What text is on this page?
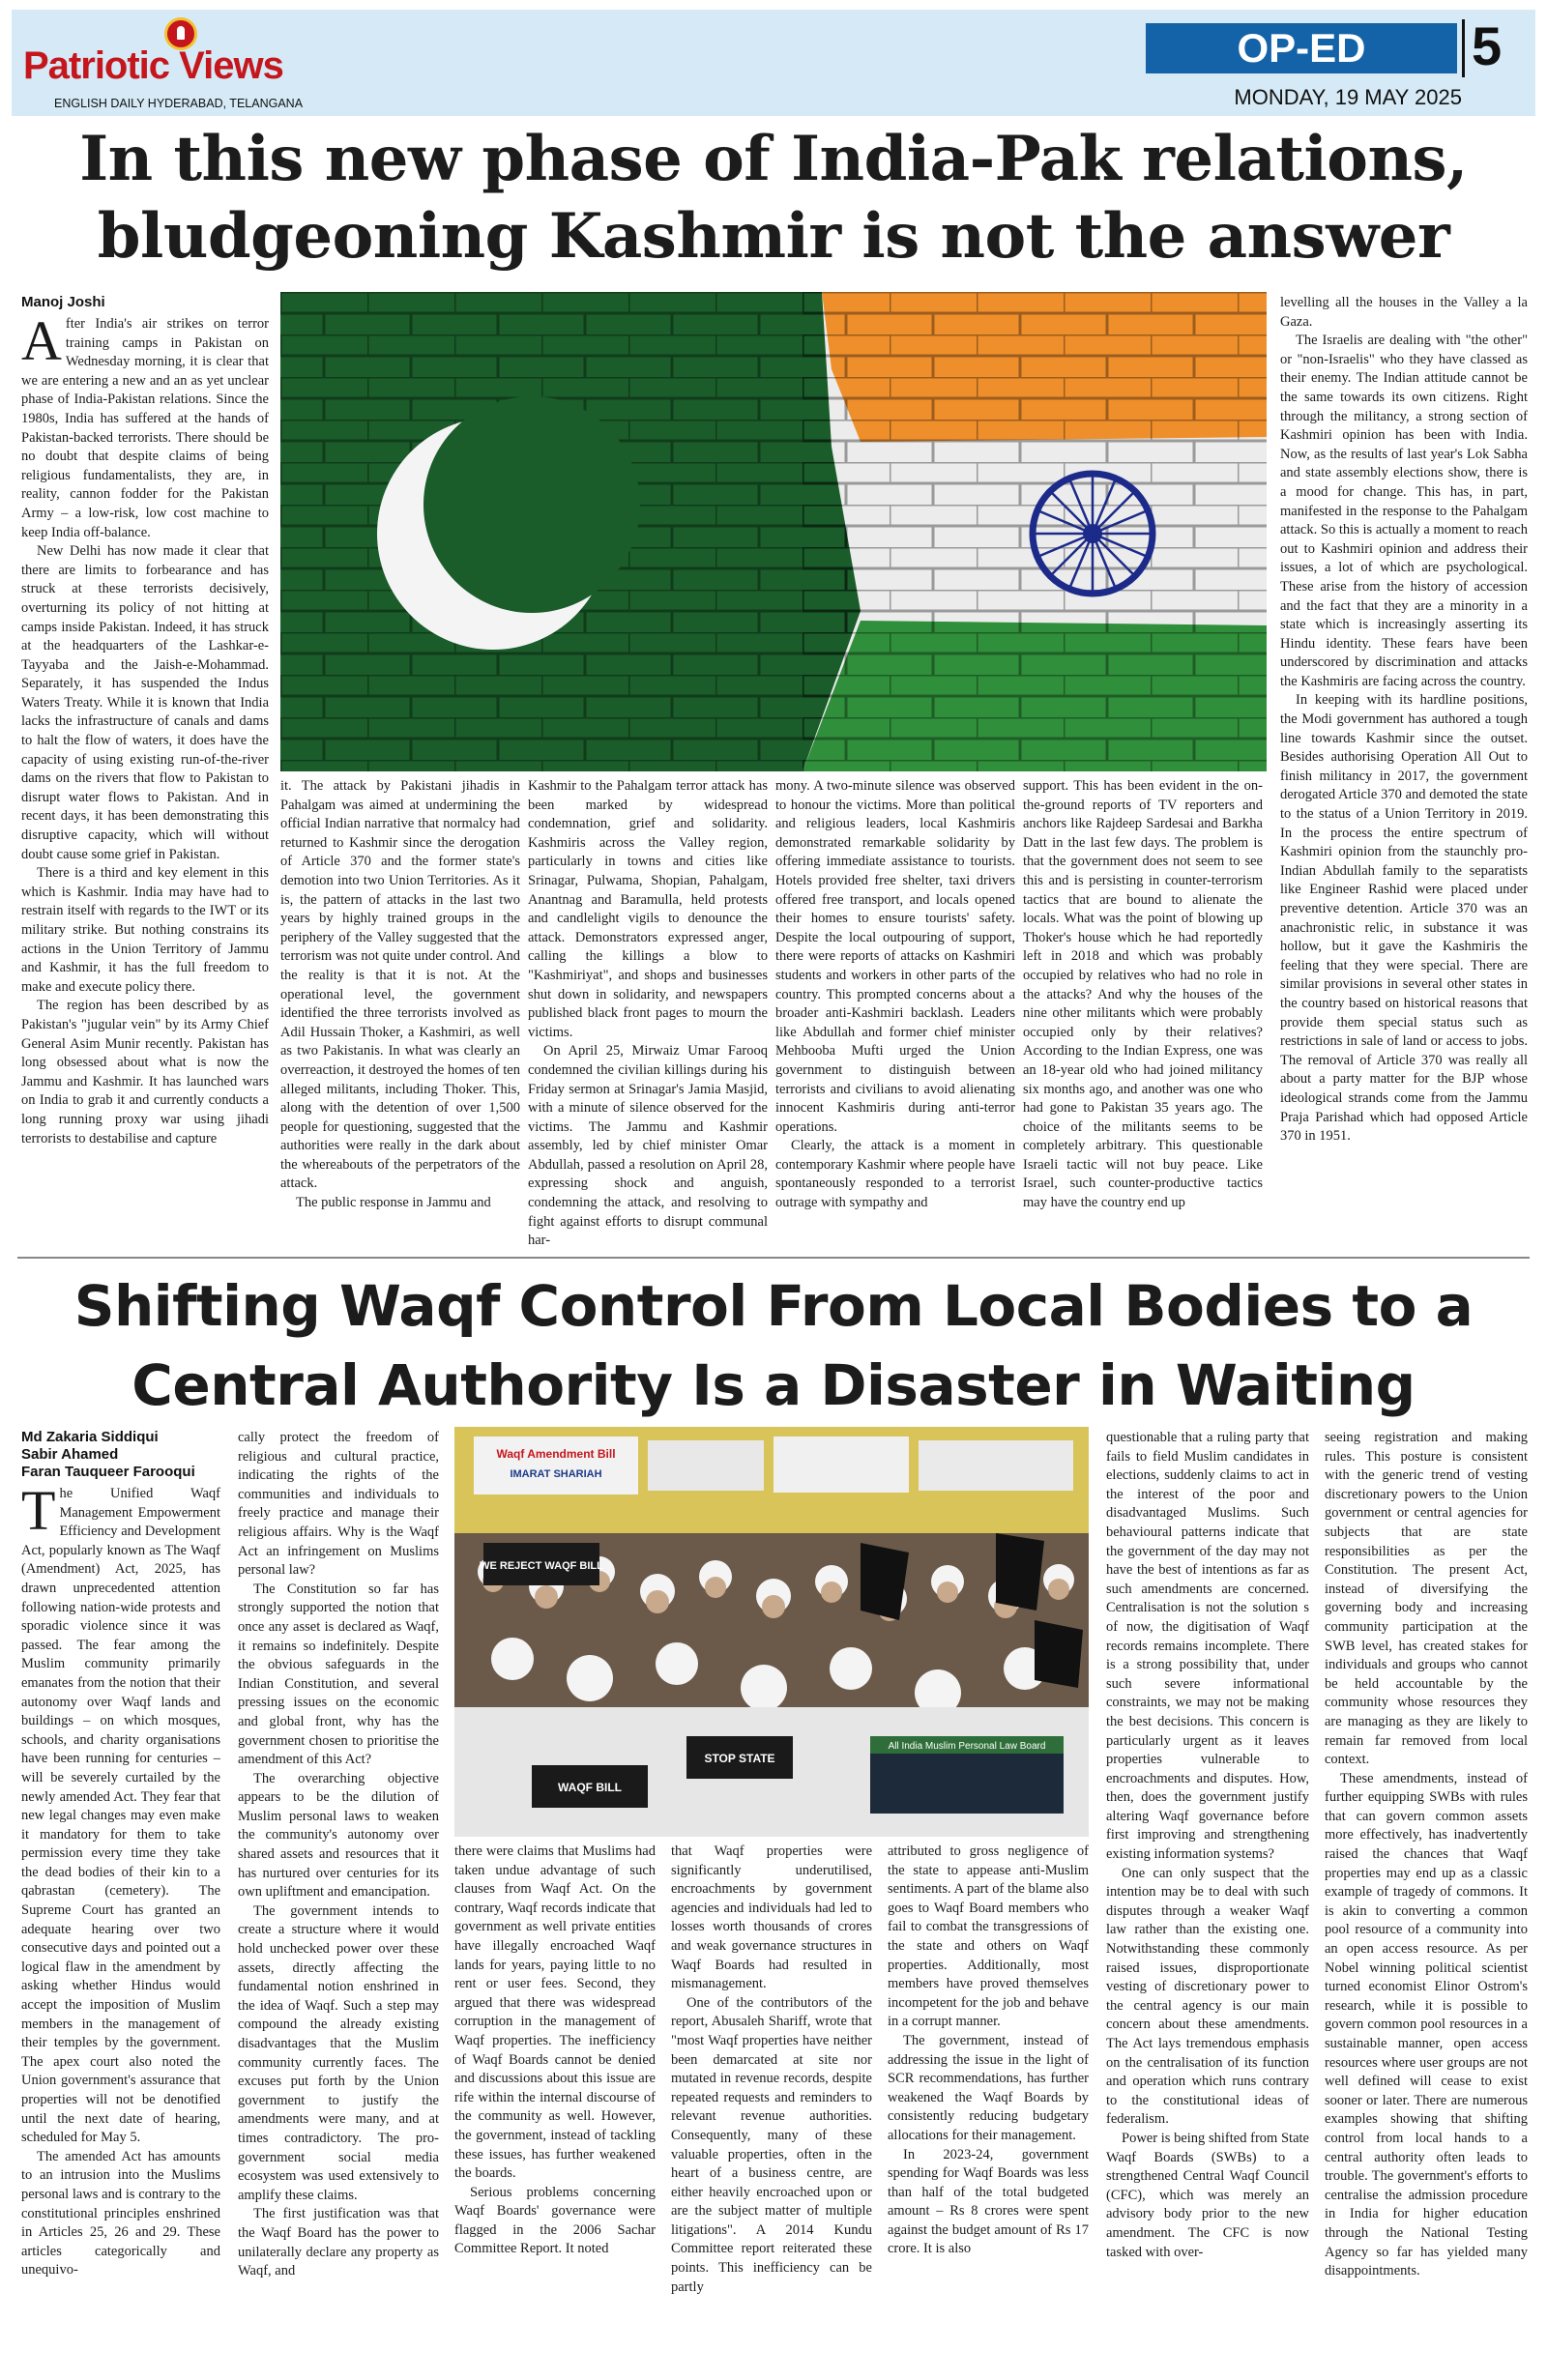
Patriotic Views
ENGLISH DAILY HYDERABAD, TELANGANA
OP-ED	5
MONDAY, 19 MAY 2025
In this new phase of India-Pak relations,
bludgeoning Kashmir is not the answer
Manoj Joshi
A fter India's air strikes on terror training camps in Pakistan on Wednesday morning, it is clear that we are entering a new and an as yet unclear phase of India-Pakistan relations. Since the 1980s, India has suffered at the hands of Pakistan-backed terrorists. There should be no doubt that despite claims of being religious fundamentalists, they are, in reality, cannon fodder for the Pakistan Army – a low-risk, low cost machine to keep India off-balance.

New Delhi has now made it clear that there are limits to forbearance and has struck at these terrorists decisively, overturning its policy of not hitting at camps inside Pakistan. Indeed, it has struck at the headquarters of the Lashkar-e-Tayyaba and the Jaish-e-Mohammad. Separately, it has suspended the Indus Waters Treaty. While it is known that India lacks the infrastructure of canals and dams to halt the flow of waters, it does have the capacity of using existing run-of-the-river dams on the rivers that flow to Pakistan to disrupt water flows to Pakistan. And in recent days, it has been demonstrating this disruptive capacity, which will without doubt cause some grief in Pakistan.

There is a third and key element in this which is Kashmir. India may have had to restrain itself with regards to the IWT or its military strike. But nothing constrains its actions in the Union Territory of Jammu and Kashmir, it has the full freedom to make and execute policy there.

The region has been described by as Pakistan's "jugular vein" by its Army Chief General Asim Munir recently. Pakistan has long obsessed about what is now the Jammu and Kashmir. It has launched wars on India to grab it and currently conducts a long running proxy war using jihadi terrorists to destabilise and capture

it. The attack by Pakistani jihadis in Pahalgam was aimed at undermining the official Indian narrative that normalcy had returned to Kashmir since the derogation of Article 370 and the former state's demotion into two Union Territories. As it is, the pattern of attacks in the last two years by highly trained groups in the periphery of the Valley suggested that the terrorism was not quite under control. And the reality is that it is not. At the operational level, the government identified the three terrorists involved as Adil Hussain Thoker, a Kashmiri, as well as two Pakistanis. In what was clearly an overreaction, it destroyed the homes of ten alleged militants, including Thoker. This, along with the detention of over 1,500 people for questioning, suggested that the authorities were really in the dark about the whereabouts of the perpetrators of the attack.

The public response in Jammu and

Kashmir to the Pahalgam terror attack has been marked by widespread condemnation, grief and solidarity. Kashmiris across the Valley region, particularly in towns and cities like Srinagar, Pulwama, Shopian, Pahalgam, Anantnag and Baramulla, held protests and candlelight vigils to denounce the attack. Demonstrators expressed anger, calling the killings a blow to "Kashmiriyat", and shops and businesses shut down in solidarity, and newspapers published black front pages to mourn the victims.

On April 25, Mirwaiz Umar Farooq condemned the civilian killings during his Friday sermon at Srinagar's Jamia Masjid, with a minute of silence observed for the victims. The Jammu and Kashmir assembly, led by chief minister Omar Abdullah, passed a resolution on April 28, expressing shock and anguish, condemning the attack, and resolving to fight against efforts to disrupt communal har-

mony. A two-minute silence was observed to honour the victims. More than political and religious leaders, local Kashmiris demonstrated remarkable solidarity by offering immediate assistance to tourists. Hotels provided free shelter, taxi drivers offered free transport, and locals opened their homes to ensure tourists' safety. Despite the local outpouring of support, there were reports of attacks on Kashmiri students and workers in other parts of the country. This prompted concerns about a broader anti-Kashmiri backlash. Leaders like Abdullah and former chief minister Mehbooba Mufti urged the Union government to distinguish between terrorists and civilians to avoid alienating innocent Kashmiris during anti-terror operations.

Clearly, the attack is a moment in contemporary Kashmir where people have spontaneously responded to a terrorist outrage with sympathy and

support. This has been evident in the on-the-ground reports of TV reporters and anchors like Rajdeep Sardesai and Barkha Datt in the last few days. The problem is that the government does not seem to see this and is persisting in counter-terrorism tactics that are bound to alienate the locals. What was the point of blowing up Thoker's house which he had reportedly left in 2018 and which was probably occupied by relatives who had no role in the attacks? And why the houses of the nine other militants which were probably occupied only by their relatives? According to the Indian Express, one was an 18-year old who had joined militancy six months ago, and another was one who had gone to Pakistan 35 years ago. The choice of the militants seems to be completely arbitrary. This questionable Israeli tactic will not buy peace. Like Israel, such counter-productive tactics may have the country end up

levelling all the houses in the Valley a la Gaza.

The Israelis are dealing with "the other" or "non-Israelis" who they have classed as their enemy. The Indian attitude cannot be the same towards its own citizens. Right through the militancy, a strong section of Kashmiri opinion has been with India. Now, as the results of last year's Lok Sabha and state assembly elections show, there is a mood for change. This has, in part, manifested in the response to the Pahalgam attack. So this is actually a moment to reach out to Kashmiri opinion and address their issues, a lot of which are psychological. These arise from the history of accession and the fact that they are a minority in a state which is increasingly asserting its Hindu identity. These fears have been underscored by discrimination and attacks the Kashmiris are facing across the country.

In keeping with its hardline positions, the Modi government has authored a tough line towards Kashmir since the outset. Besides authorising Operation All Out to finish militancy in 2017, the government derogated Article 370 and demoted the state to the status of a Union Territory in 2019. In the process the entire spectrum of Kashmiri opinion from the staunchly pro-Indian Abdullah family to the separatists like Engineer Rashid were placed under preventive detention. Article 370 was an anachronistic relic, in substance it was hollow, but it gave the Kashmiris the feeling that they were special. There are similar provisions in several other states in the country based on historical reasons that provide them special status such as restrictions in sale of land or access to jobs. The removal of Article 370 was really all about a party matter for the BJP whose ideological strands come from the Jammu Praja Parishad which had opposed Article 370 in 1951.

Shifting Waqf Control From Local Bodies to a
Central Authority Is a Disaster in Waiting
Md Zakaria Siddiqui
Sabir Ahamed
Faran Tauqueer Farooqui
T he Unified Waqf Management Empowerment Efficiency and Development Act, popularly known as The Waqf (Amendment) Act, 2025, has drawn unprecedented attention following nation-wide protests and sporadic violence since it was passed. The fear among the Muslim community primarily emanates from the notion that their autonomy over Waqf lands and buildings – on which mosques, schools, and charity organisations have been running for centuries – will be severely curtailed by the newly amended Act. They fear that new legal changes may even make it mandatory for them to take permission every time they take the dead bodies of their kin to a qabrastan (cemetery). The Supreme Court has granted an adequate hearing over two consecutive days and pointed out a logical flaw in the amendment by asking whether Hindus would accept the imposition of Muslim members in the management of their temples by the government. The apex court also noted the Union government's assurance that properties will not be denotified until the next date of hearing, scheduled for May 5.

The amended Act has amounts to an intrusion into the Muslims personal laws and is contrary to the constitutional principles enshrined in Articles 25, 26 and 29. These articles categorically and unequivo-

cally protect the freedom of religious and cultural practice, indicating the rights of the communities and individuals to freely practice and manage their religious affairs. Why is the Waqf Act an infringement on Muslims personal law?

The Constitution so far has strongly supported the notion that once any asset is declared as Waqf, it remains so indefinitely. Despite the obvious safeguards in the Indian Constitution, and several pressing issues on the economic and global front, why has the government chosen to prioritise the amendment of this Act?

The overarching objective appears to be the dilution of Muslim personal laws to weaken the community's autonomy over shared assets and resources that it has nurtured over centuries for its own upliftment and emancipation.

The government intends to create a structure where it would hold unchecked power over these assets, directly affecting the fundamental notion enshrined in the idea of Waqf. Such a step may compound the already existing disadvantages that the Muslim community currently faces. The excuses put forth by the Union government to justify the amendments were many, and at times contradictory. The pro-government social media ecosystem was used extensively to amplify these claims.

The first justification was that the Waqf Board has the power to unilaterally declare any property as Waqf, and

Waqf Amendment Bill
IMARAT SHARIAH
WE REJECT WAQF BILL
STOP STATE
All India Muslim Personal Law Board
WAQF BILL

there were claims that Muslims had taken undue advantage of such clauses from Waqf Act. On the contrary, Waqf records indicate that government as well private entities have illegally encroached Waqf lands for years, paying little to no rent or user fees. Second, they argued that there was widespread corruption in the management of Waqf properties. The inefficiency of Waqf Boards cannot be denied and discussions about this issue are rife within the internal discourse of the community as well. However, the government, instead of tackling these issues, has further weakened the boards.

Serious problems concerning Waqf Boards' governance were flagged in the 2006 Sachar Committee Report. It noted

that Waqf properties were significantly underutilised, encroachments by government agencies and individuals had led to losses worth thousands of crores and weak governance structures in Waqf Boards had resulted in mismanagement.

One of the contributors of the report, Abusaleh Shariff, wrote that "most Waqf properties have neither been demarcated at site nor mutated in revenue records, despite repeated requests and reminders to relevant revenue authorities. Consequently, many of these valuable properties, often in the heart of a business centre, are either heavily encroached upon or are the subject matter of multiple litigations". A 2014 Kundu Committee report reiterated these points. This inefficiency can be partly

attributed to gross negligence of the state to appease anti-Muslim sentiments. A part of the blame also goes to Waqf Board members who fail to combat the transgressions of the state and others on Waqf properties. Additionally, most members have proved themselves incompetent for the job and behave in a corrupt manner.

The government, instead of addressing the issue in the light of SCR recommendations, has further weakened the Waqf Boards by consistently reducing budgetary allocations for their management.

In 2023-24, government spending for Waqf Boards was less than half of the total budgeted amount – Rs 8 crores were spent against the budget amount of Rs 17 crore. It is also

questionable that a ruling party that fails to field Muslim candidates in elections, suddenly claims to act in the interest of the poor and disadvantaged Muslims. Such behavioural patterns indicate that the government of the day may not have the best of intentions as far as such amendments are concerned. Centralisation is not the solution s of now, the digitisation of Waqf records remains incomplete. There is a strong possibility that, under such severe informational constraints, we may not be making the best decisions. This concern is particularly urgent as it leaves properties vulnerable to encroachments and disputes. How, then, does the government justify altering Waqf governance before first improving and strengthening existing information systems?

One can only suspect that the intention may be to deal with such disputes through a weaker Waqf law rather than the existing one. Notwithstanding these commonly raised issues, disproportionate vesting of discretionary power to the central agency is our main concern about these amendments. The Act lays tremendous emphasis on the centralisation of its function and operation which runs contrary to the constitutional ideas of federalism.

Power is being shifted from State Waqf Boards (SWBs) to a strengthened Central Waqf Council (CFC), which was merely an advisory body prior to the new amendment. The CFC is now tasked with over-

seeing registration and making rules. This posture is consistent with the generic trend of vesting discretionary powers to the Union government or central agencies for subjects that are state responsibilities as per the Constitution. The present Act, instead of diversifying the governing body and increasing community participation at the SWB level, has created stakes for individuals and groups who cannot be held accountable by the community whose resources they are managing as they are likely to remain far removed from local context.

These amendments, instead of further equipping SWBs with rules that can govern common assets more effectively, has inadvertently raised the chances that Waqf properties may end up as a classic example of tragedy of commons. It is akin to converting a common pool resource of a community into an open access resource. As per Nobel winning political scientist turned economist Elinor Ostrom's research, while it is possible to govern common pool resources in a sustainable manner, open access resources where user groups are not well defined will cease to exist sooner or later. There are numerous examples showing that shifting control from local hands to a central authority often leads to trouble. The government's efforts to centralise the admission procedure in India for higher education through the National Testing Agency so far has yielded many disappointments.
